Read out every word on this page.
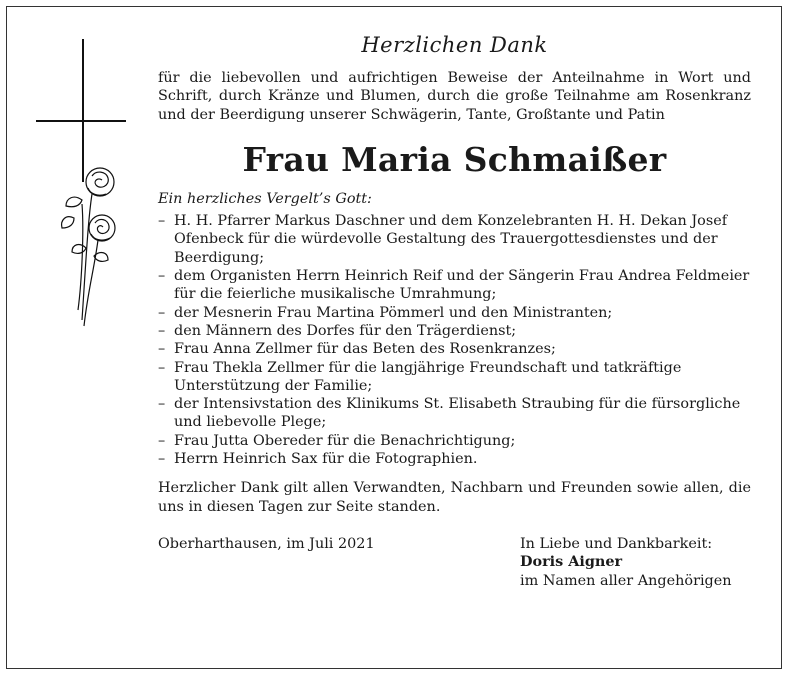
Herzlichen Dank

für die liebevollen und aufrichtigen Beweise der Anteilnahme in Wort und Schrift, durch Kränze und Blumen, durch die große Teilnahme am Rosenkranz und der Beerdigung unserer Schwägerin, Tante, Großtante und Patin

Frau Maria Schmaißer

Ein herzliches Vergelt’s Gott:

– H. H. Pfarrer Markus Daschner und dem Konzelebranten H. H. Dekan Josef Ofenbeck für die würdevolle Gestaltung des Trauergottesdienstes und der Beerdigung;
– dem Organisten Herrn Heinrich Reif und der Sängerin Frau Andrea Feldmeier für die feierliche musikalische Umrahmung;
– der Mesnerin Frau Martina Pömmerl und den Ministranten;
– den Männern des Dorfes für den Trägerdienst;
– Frau Anna Zellmer für das Beten des Rosenkranzes;
– Frau Thekla Zellmer für die langjährige Freundschaft und tatkräftige Unterstützung der Familie;
– der Intensivstation des Klinikums St. Elisabeth Straubing für die fürsorgliche und liebevolle Plege;
– Frau Jutta Obereder für die Benachrichtigung;
– Herrn Heinrich Sax für die Fotographien.

Herzlicher Dank gilt allen Verwandten, Nachbarn und Freunden sowie allen, die uns in diesen Tagen zur Seite standen.

Oberharthausen, im Juli 2021	In Liebe und Dankbarkeit:
Doris Aigner
im Namen aller Angehörigen
